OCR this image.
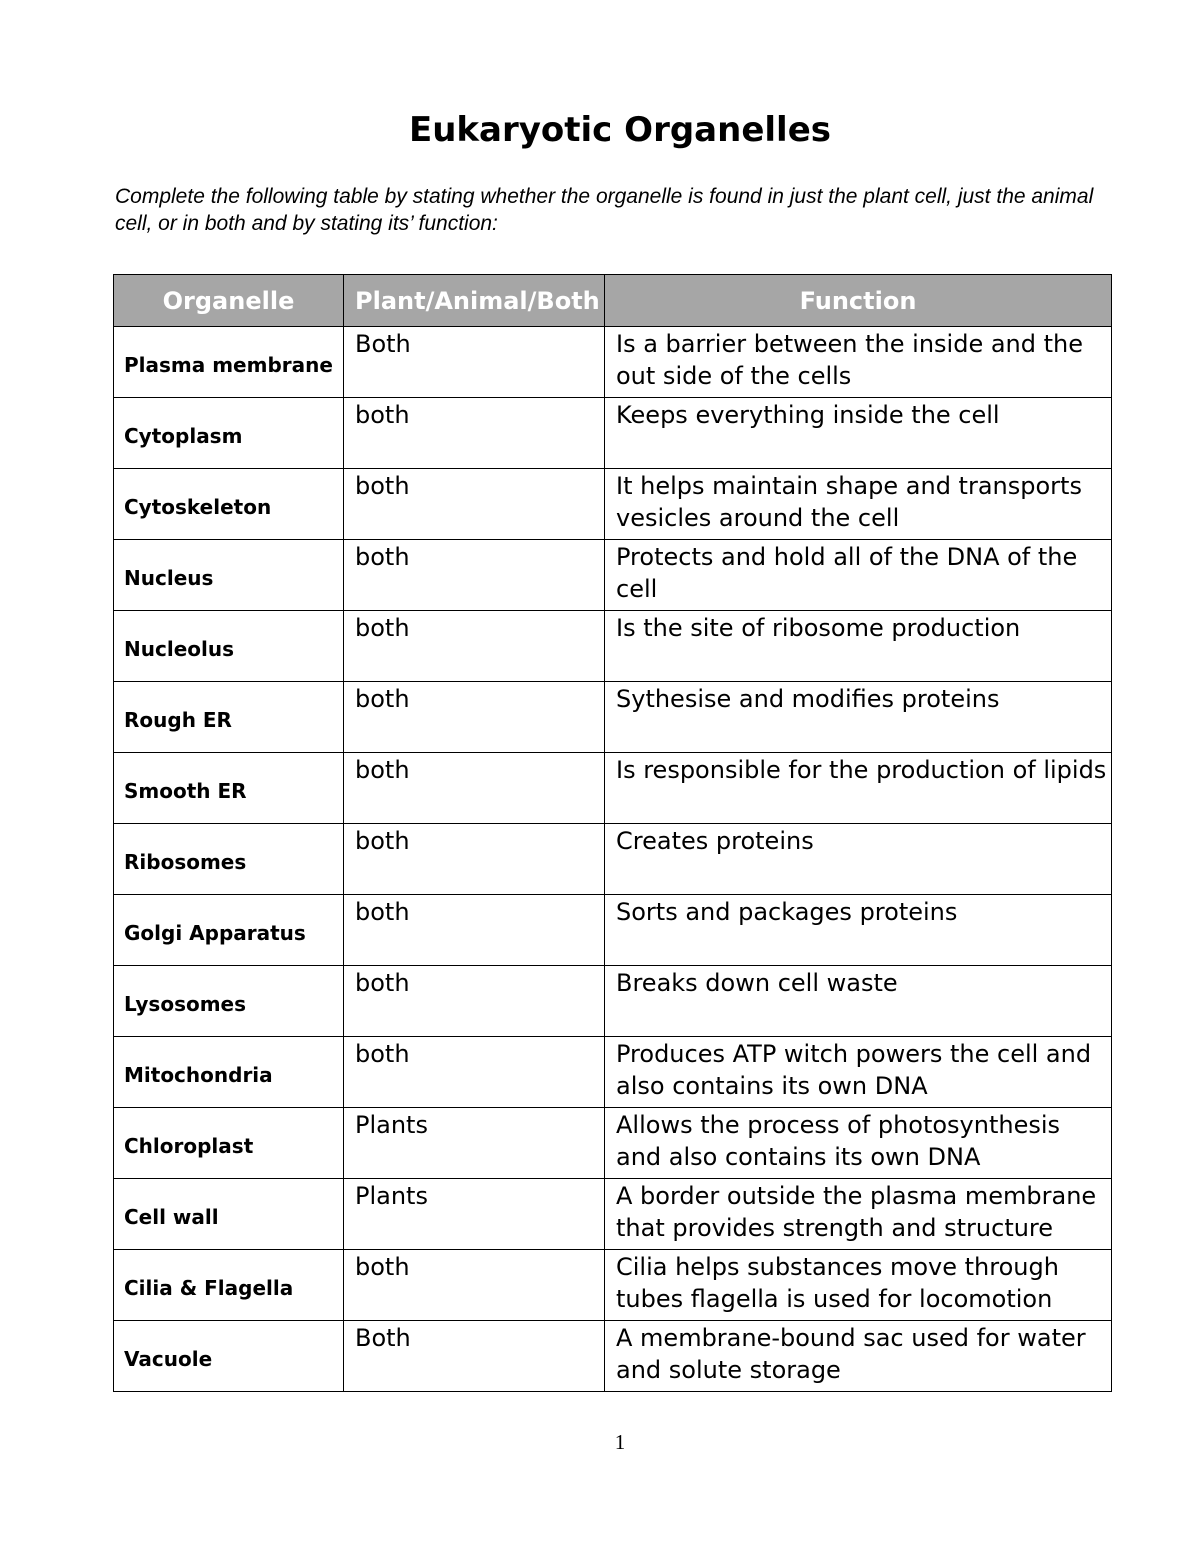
Eukaryotic Organelles
Complete the following table by stating whether the organelle is found in just the plant cell, just the animal cell, or in both and by stating its’ function:
Organelle	Plant/Animal/Both	Function
Plasma membrane	Both	Is a barrier between the inside and the out side of the cells
Cytoplasm	both	Keeps everything inside the cell
Cytoskeleton	both	It helps maintain shape and transports vesicles around the cell
Nucleus	both	Protects and hold all of the DNA of the cell
Nucleolus	both	Is the site of ribosome production
Rough ER	both	Sythesise and modifies proteins
Smooth ER	both	Is responsible for the production of lipids
Ribosomes	both	Creates proteins
Golgi Apparatus	both	Sorts and packages proteins
Lysosomes	both	Breaks down cell waste
Mitochondria	both	Produces ATP witch powers the cell and also contains its own DNA
Chloroplast	Plants	Allows the process of photosynthesis and also contains its own DNA
Cell wall	Plants	A border outside the plasma membrane that provides strength and structure
Cilia & Flagella	both	Cilia helps substances move through tubes flagella is used for locomotion
Vacuole	Both	A membrane-bound sac used for water and solute storage
1
